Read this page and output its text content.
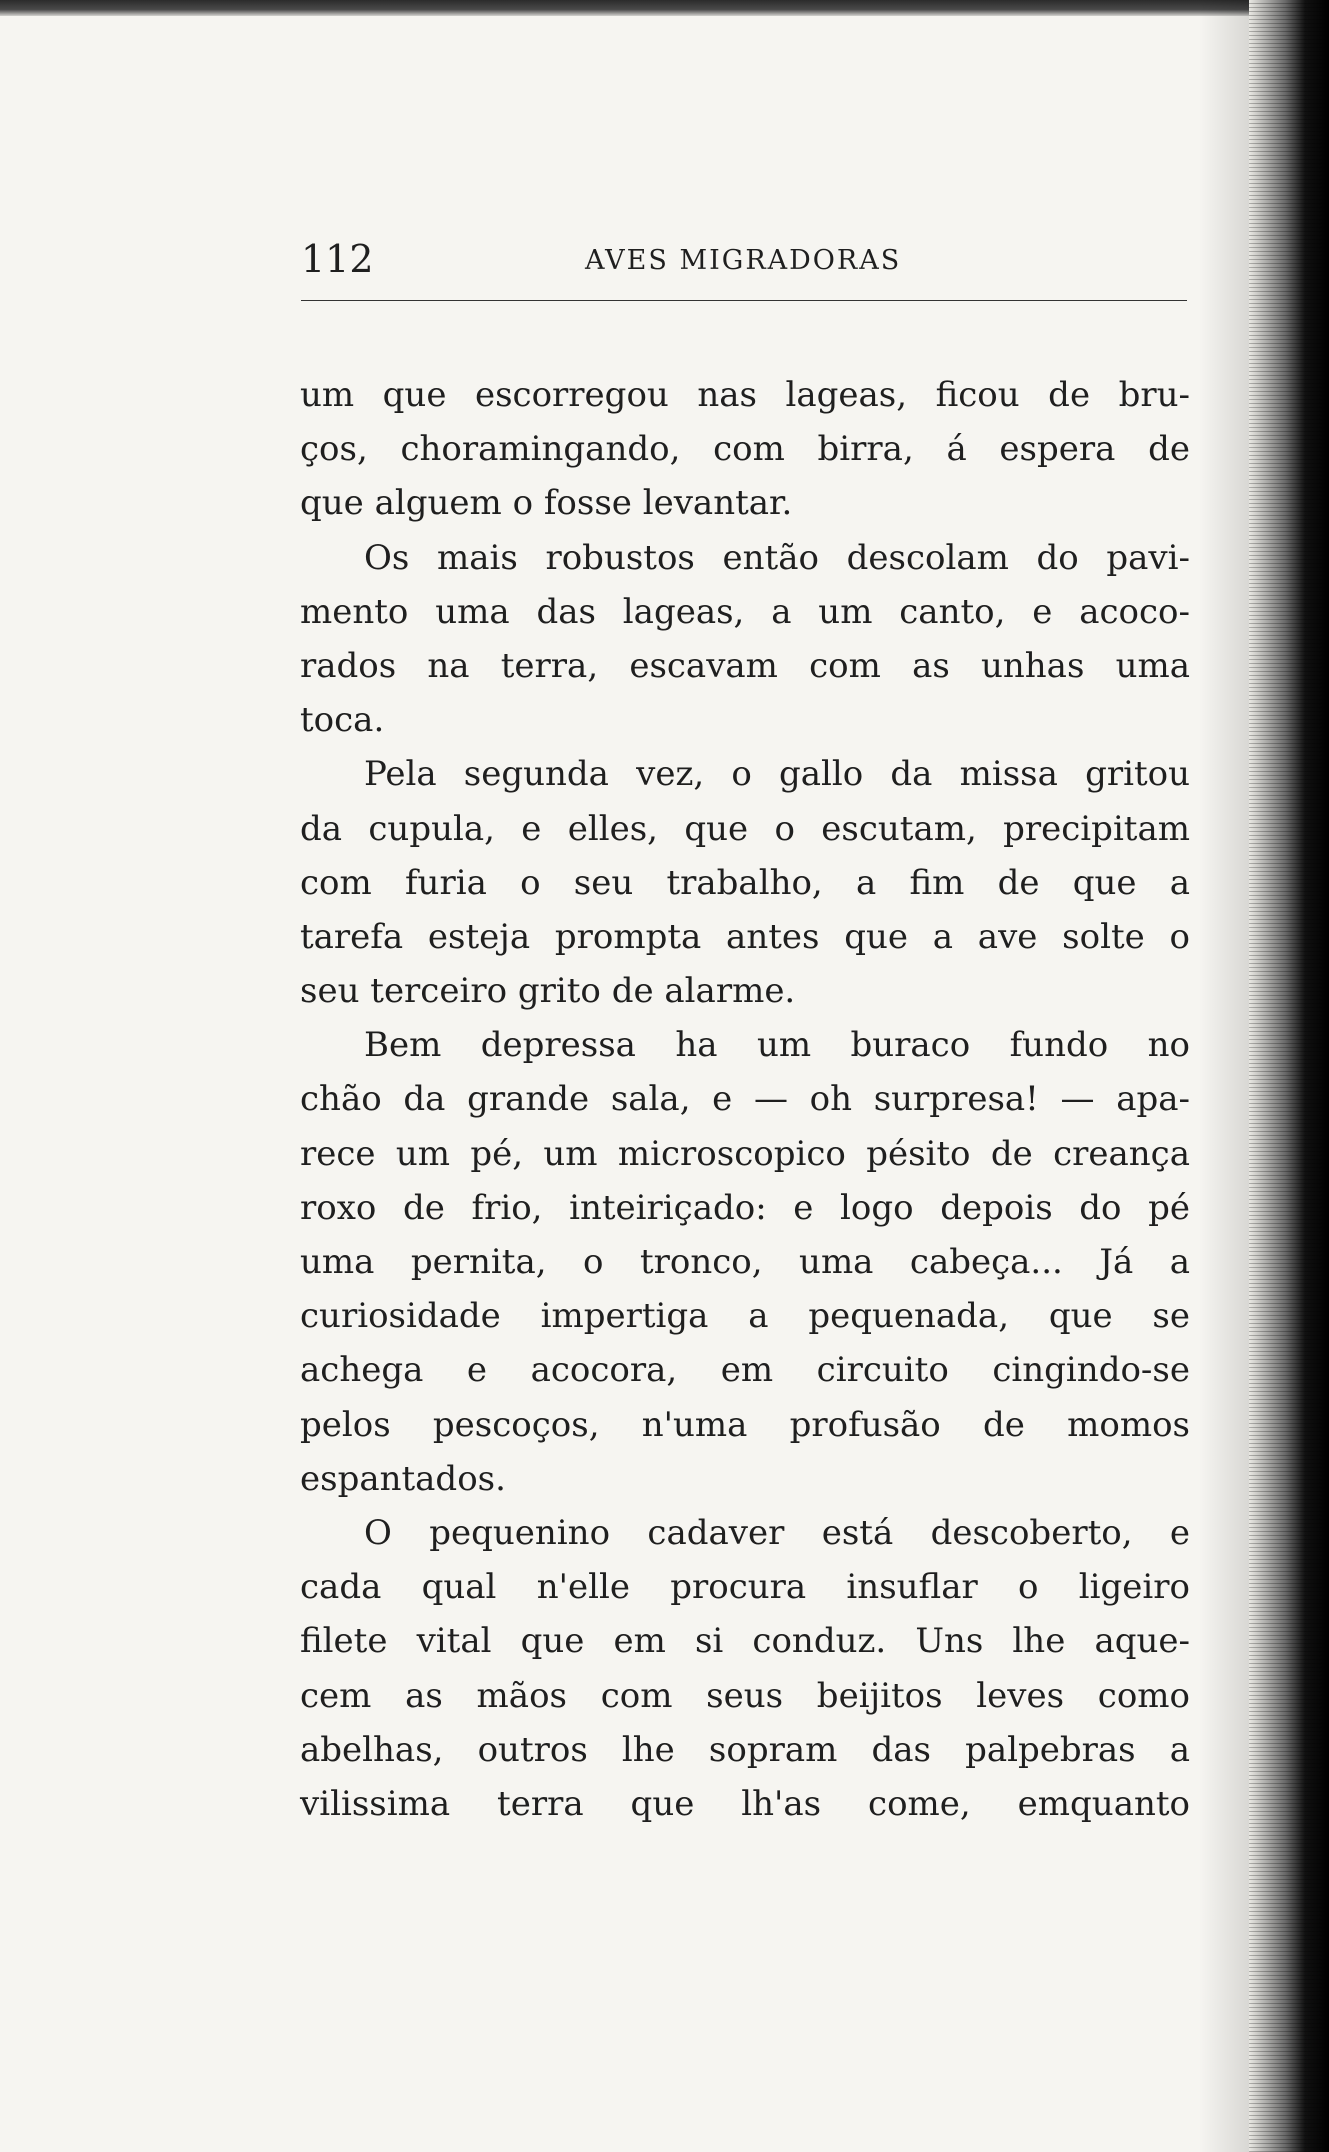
112	AVES MIGRADORAS
um que escorregou nas lageas, ficou de bru-
ços, choramingando, com birra, á espera de
que alguem o fosse levantar.
Os mais robustos então descolam do pavi-
mento uma das lageas, a um canto, e acoco-
rados na terra, escavam com as unhas uma
toca.
Pela segunda vez, o gallo da missa gritou
da cupula, e elles, que o escutam, precipitam
com furia o seu trabalho, a fim de que a
tarefa esteja prompta antes que a ave solte o
seu terceiro grito de alarme.
Bem depressa ha um buraco fundo no
chão da grande sala, e — oh surpresa! — apa-
rece um pé, um microscopico pésito de creança
roxo de frio, inteiriçado: e logo depois do pé
uma pernita, o tronco, uma cabeça... Já a
curiosidade impertiga a pequenada, que se
achega e acocora, em circuito cingindo-se
pelos pescoços, n'uma profusão de momos
espantados.
O pequenino cadaver está descoberto, e
cada qual n'elle procura insuflar o ligeiro
filete vital que em si conduz. Uns lhe aque-
cem as mãos com seus beijitos leves como
abelhas, outros lhe sopram das palpebras a
vilissima terra que lh'as come, emquanto
